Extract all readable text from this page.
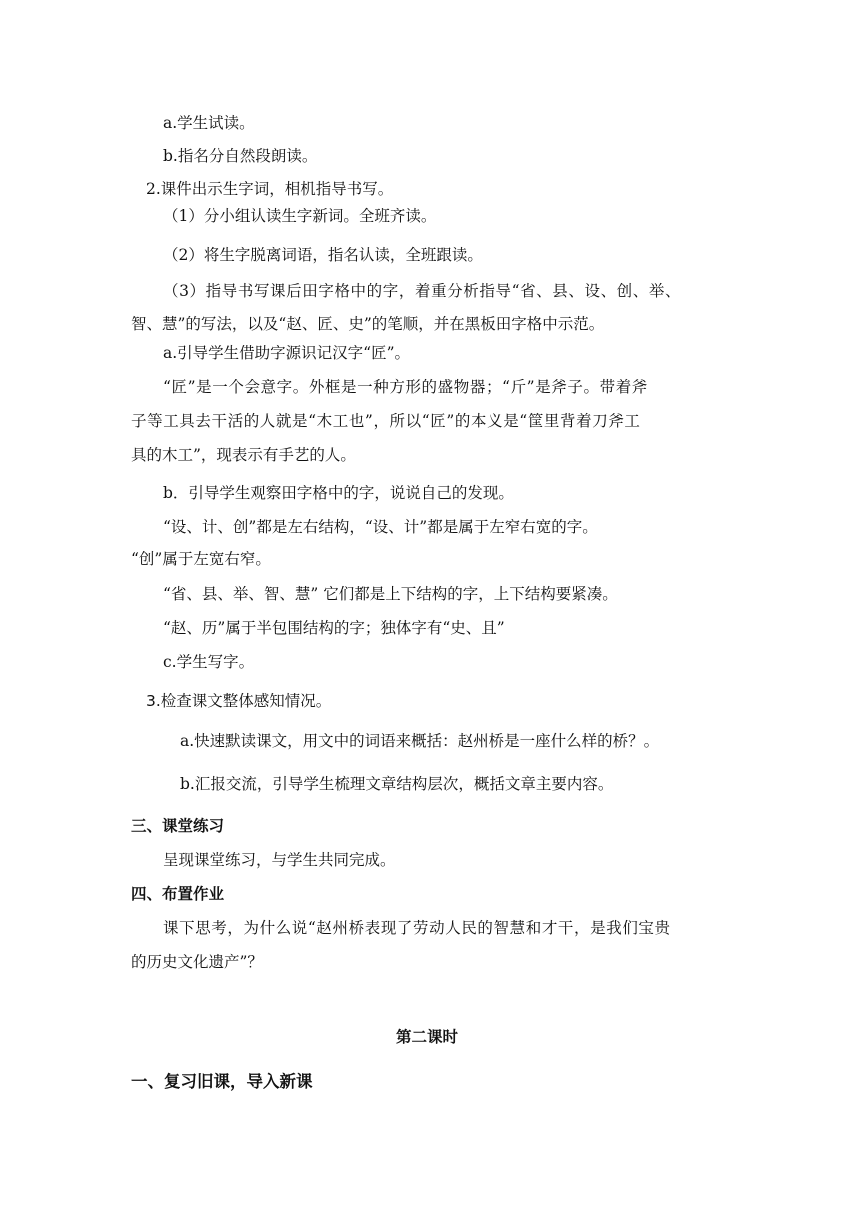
a.学生试读。
b.指名分自然段朗读。
2.课件出示生字词，相机指导书写。
（1）分小组认读生字新词。全班齐读。
（2）将生字脱离词语，指名认读，全班跟读。
（3）指导书写课后田字格中的字，着重分析指导“省、县、设、创、举、
智、慧”的写法，以及“赵、匠、史”的笔顺，并在黑板田字格中示范。
a.引导学生借助字源识记汉字“匠”。
“匠”是一个会意字。外框是一种方形的盛物器；“斤”是斧子。带着斧
子等工具去干活的人就是“木工也”，所以“匠”的本义是“筐里背着刀斧工
具的木工”，现表示有手艺的人。
b．引导学生观察田字格中的字，说说自己的发现。
“设、计、创”都是左右结构，“设、计”都是属于左窄右宽的字。
“创”属于左宽右窄。
“省、县、举、智、慧” 它们都是上下结构的字，上下结构要紧凑。
“赵、历”属于半包围结构的字；独体字有“史、且”
c.学生写字。
3.检查课文整体感知情况。
a.快速默读课文，用文中的词语来概括：赵州桥是一座什么样的桥？。
b.汇报交流，引导学生梳理文章结构层次，概括文章主要内容。
三、课堂练习
呈现课堂练习，与学生共同完成。
四、布置作业
课下思考，为什么说“赵州桥表现了劳动人民的智慧和才干，是我们宝贵
的历史文化遗产”？
第二课时
一、复习旧课，导入新课
